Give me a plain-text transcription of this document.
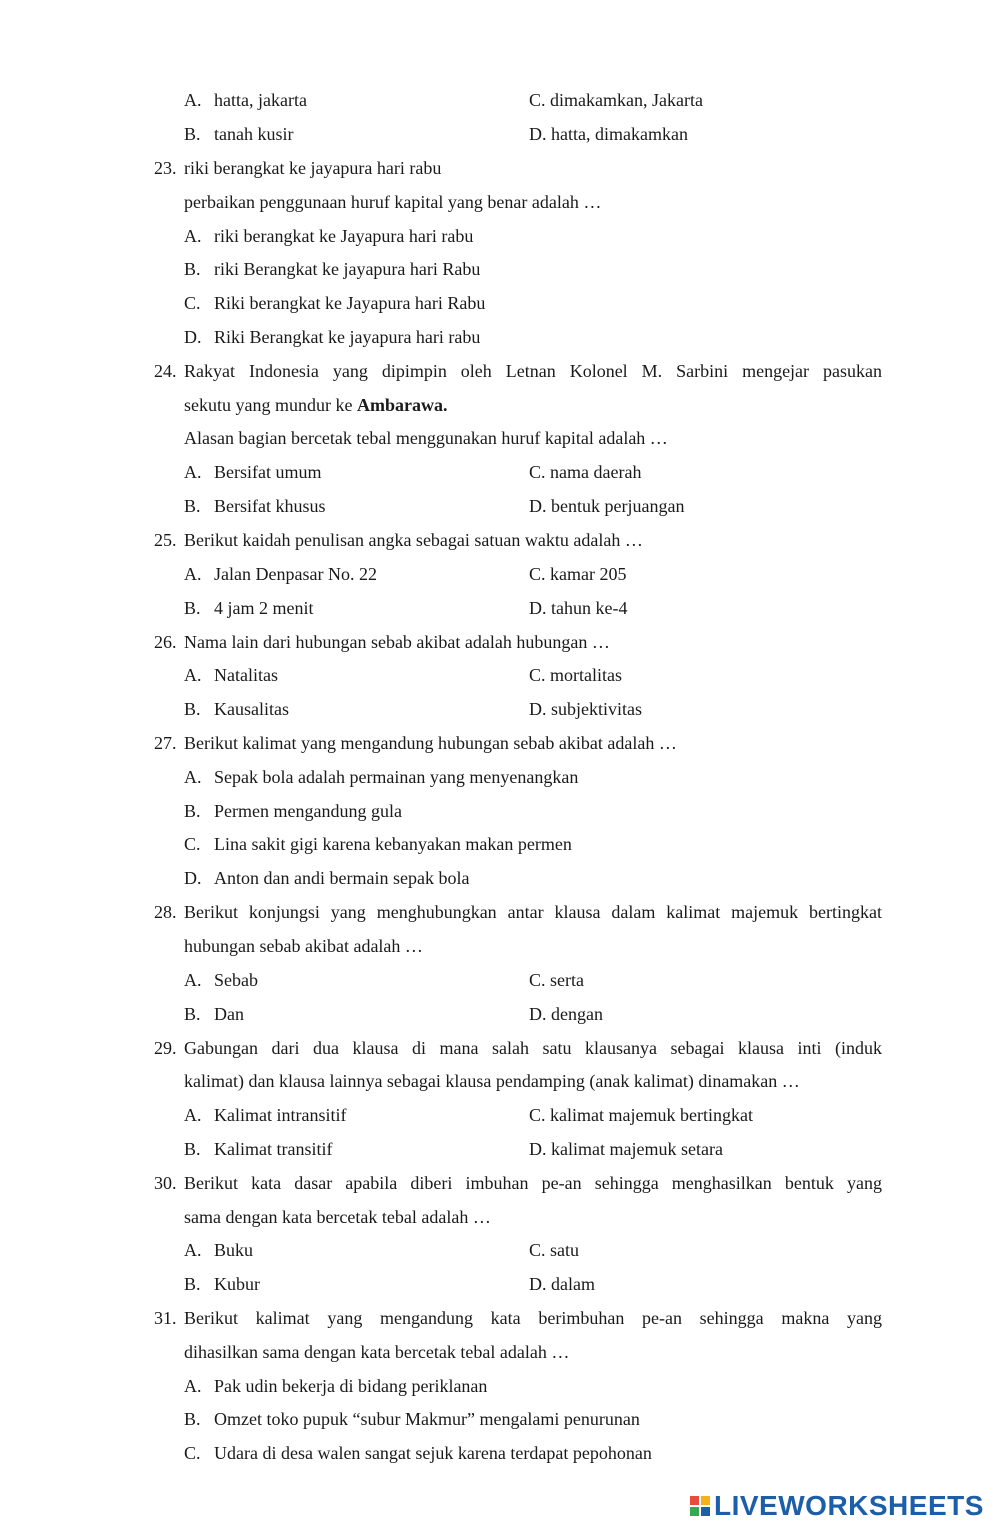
A. hatta, jakarta	C. dimakamkan, Jakarta
B. tanah kusir	D. hatta, dimakamkan
23. riki berangkat ke jayapura hari rabu
perbaikan penggunaan huruf kapital yang benar adalah …
A. riki berangkat ke Jayapura hari rabu
B. riki Berangkat ke jayapura hari Rabu
C. Riki berangkat ke Jayapura hari Rabu
D. Riki Berangkat ke jayapura hari rabu
24. Rakyat Indonesia yang dipimpin oleh Letnan Kolonel M. Sarbini mengejar pasukan
sekutu yang mundur ke Ambarawa.
Alasan bagian bercetak tebal menggunakan huruf kapital adalah …
A. Bersifat umum	C. nama daerah
B. Bersifat khusus	D. bentuk perjuangan
25. Berikut kaidah penulisan angka sebagai satuan waktu adalah …
A. Jalan Denpasar No. 22	C. kamar 205
B. 4 jam 2 menit	D. tahun ke-4
26. Nama lain dari hubungan sebab akibat adalah hubungan …
A. Natalitas	C. mortalitas
B. Kausalitas	D. subjektivitas
27. Berikut kalimat yang mengandung hubungan sebab akibat adalah …
A. Sepak bola adalah permainan yang menyenangkan
B. Permen mengandung gula
C. Lina sakit gigi karena kebanyakan makan permen
D. Anton dan andi bermain sepak bola
28. Berikut konjungsi yang menghubungkan antar klausa dalam kalimat majemuk bertingkat
hubungan sebab akibat adalah …
A. Sebab	C. serta
B. Dan	D. dengan
29. Gabungan dari dua klausa di mana salah satu klausanya sebagai klausa inti (induk
kalimat) dan klausa lainnya sebagai klausa pendamping (anak kalimat) dinamakan …
A. Kalimat intransitif	C. kalimat majemuk bertingkat
B. Kalimat transitif	D. kalimat majemuk setara
30. Berikut kata dasar apabila diberi imbuhan pe-an sehingga menghasilkan bentuk yang
sama dengan kata bercetak tebal adalah …
A. Buku	C. satu
B. Kubur	D. dalam
31. Berikut kalimat yang mengandung kata berimbuhan pe-an sehingga makna yang
dihasilkan sama dengan kata bercetak tebal adalah …
A. Pak udin bekerja di bidang periklanan
B. Omzet toko pupuk “subur Makmur” mengalami penurunan
C. Udara di desa walen sangat sejuk karena terdapat pepohonan
LIVEWORKSHEETS
